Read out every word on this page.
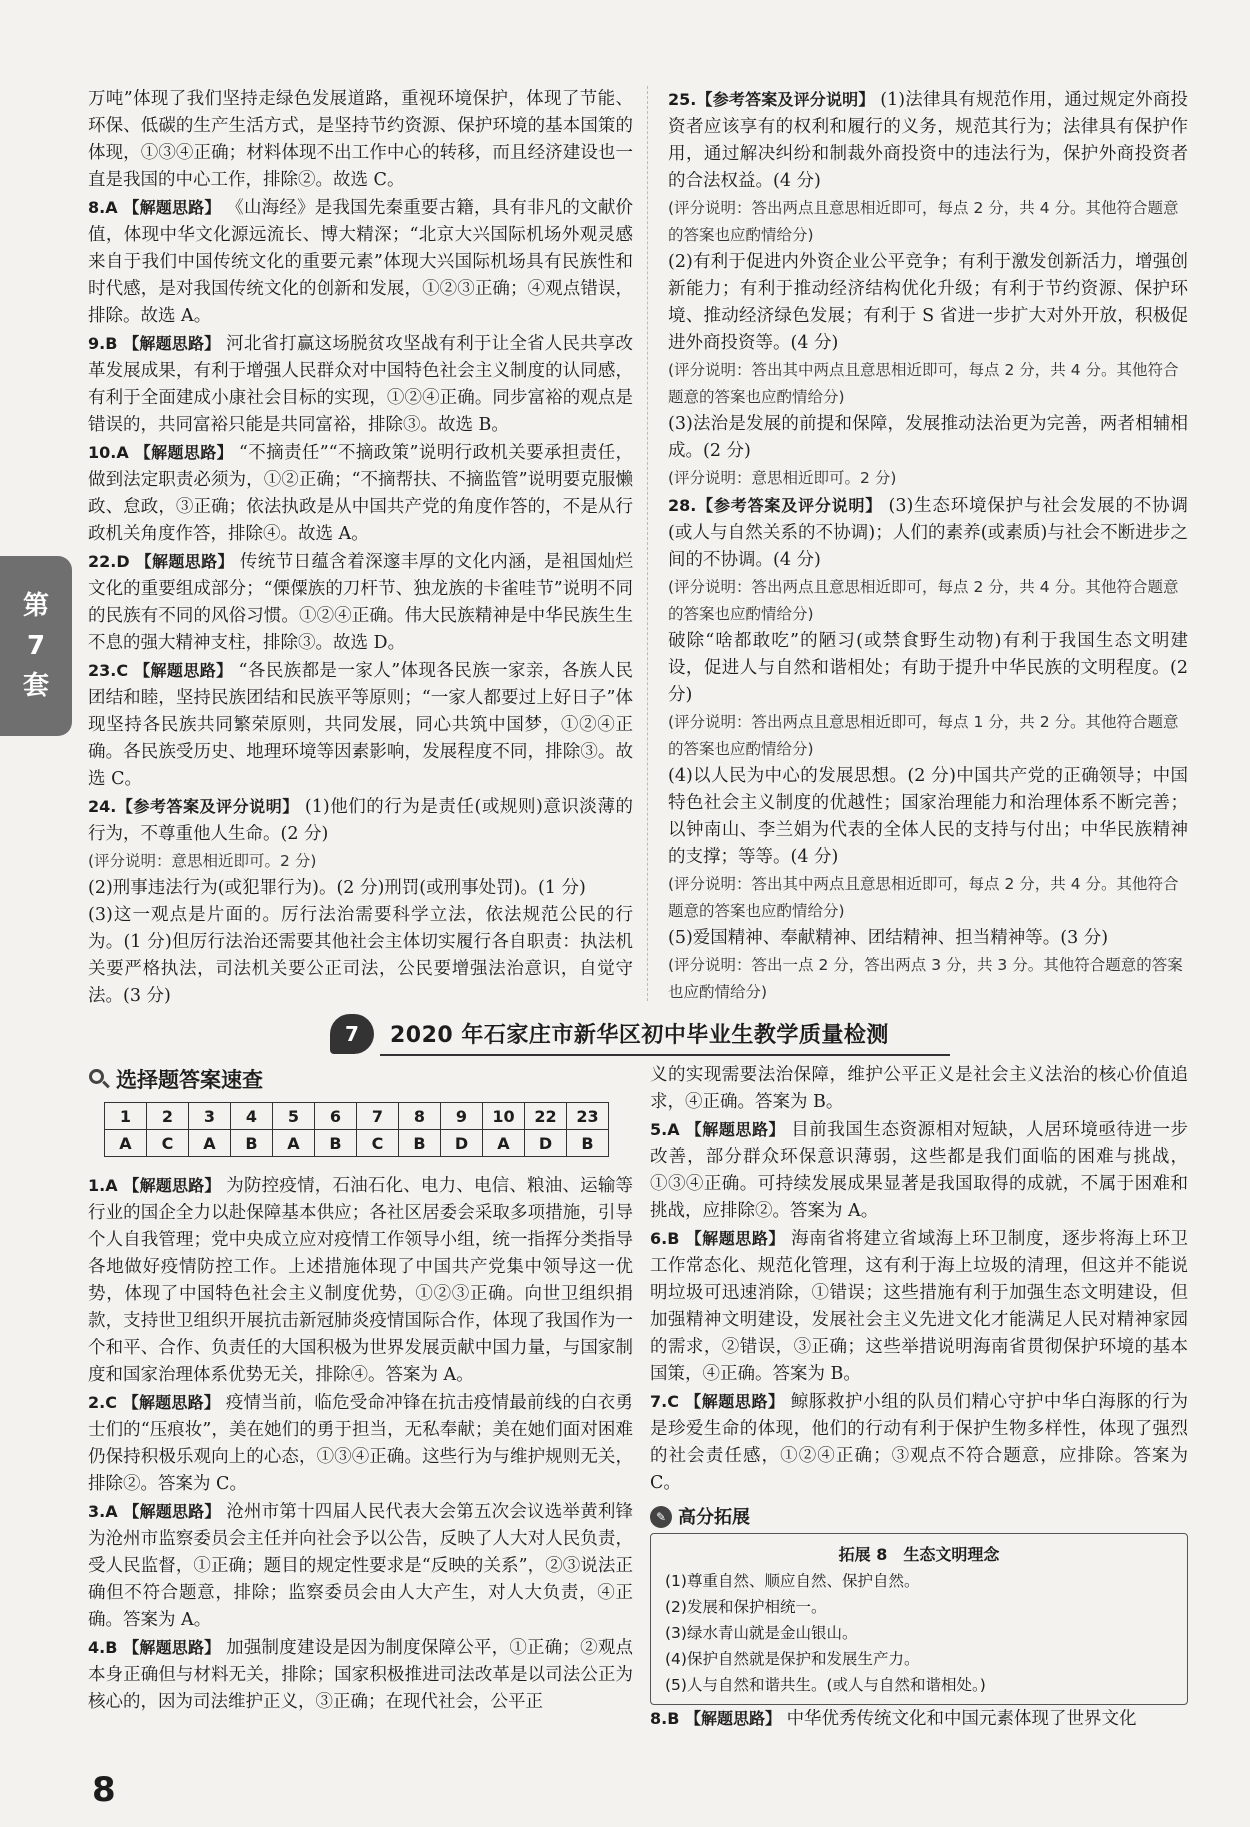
第
7
套
万吨”体现了我们坚持走绿色发展道路，重视环境保护，体现了节能、环保、低碳的生产生活方式，是坚持节约资源、保护环境的基本国策的体现，①③④正确；材料体现不出工作中心的转移，而且经济建设也一直是我国的中心工作，排除②。故选 C。
8.A 【解题思路】 《山海经》是我国先秦重要古籍，具有非凡的文献价值，体现中华文化源远流长、博大精深；“北京大兴国际机场外观灵感来自于我们中国传统文化的重要元素”体现大兴国际机场具有民族性和时代感，是对我国传统文化的创新和发展，①②③正确；④观点错误，排除。故选 A。
9.B 【解题思路】 河北省打赢这场脱贫攻坚战有利于让全省人民共享改革发展成果，有利于增强人民群众对中国特色社会主义制度的认同感，有利于全面建成小康社会目标的实现，①②④正确。同步富裕的观点是错误的，共同富裕只能是共同富裕，排除③。故选 B。
10.A 【解题思路】 “不摘责任”“不摘政策”说明行政机关要承担责任，做到法定职责必须为，①②正确；“不摘帮扶、不摘监管”说明要克服懒政、怠政，③正确；依法执政是从中国共产党的角度作答的，不是从行政机关角度作答，排除④。故选 A。
22.D 【解题思路】 传统节日蕴含着深邃丰厚的文化内涵，是祖国灿烂文化的重要组成部分；“傈僳族的刀杆节、独龙族的卡雀哇节”说明不同的民族有不同的风俗习惯。①②④正确。伟大民族精神是中华民族生生不息的强大精神支柱，排除③。故选 D。
23.C 【解题思路】 “各民族都是一家人”体现各民族一家亲，各族人民团结和睦，坚持民族团结和民族平等原则；“一家人都要过上好日子”体现坚持各民族共同繁荣原则，共同发展，同心共筑中国梦，①②④正确。各民族受历史、地理环境等因素影响，发展程度不同，排除③。故选 C。
24.【参考答案及评分说明】 (1)他们的行为是责任(或规则)意识淡薄的行为，不尊重他人生命。(2 分)
(评分说明：意思相近即可。2 分)
(2)刑事违法行为(或犯罪行为)。(2 分)刑罚(或刑事处罚)。(1 分)
(3)这一观点是片面的。厉行法治需要科学立法，依法规范公民的行为。(1 分)但厉行法治还需要其他社会主体切实履行各自职责：执法机关要严格执法，司法机关要公正司法，公民要增强法治意识，自觉守法。(3 分)
25.【参考答案及评分说明】 (1)法律具有规范作用，通过规定外商投资者应该享有的权利和履行的义务，规范其行为；法律具有保护作用，通过解决纠纷和制裁外商投资中的违法行为，保护外商投资者的合法权益。(4 分)
(评分说明：答出两点且意思相近即可，每点 2 分，共 4 分。其他符合题意的答案也应酌情给分)
(2)有利于促进内外资企业公平竞争；有利于激发创新活力，增强创新能力；有利于推动经济结构优化升级；有利于节约资源、保护环境、推动经济绿色发展；有利于 S 省进一步扩大对外开放，积极促进外商投资等。(4 分)
(评分说明：答出其中两点且意思相近即可，每点 2 分，共 4 分。其他符合题意的答案也应酌情给分)
(3)法治是发展的前提和保障，发展推动法治更为完善，两者相辅相成。(2 分)
(评分说明：意思相近即可。2 分)
28.【参考答案及评分说明】 (3)生态环境保护与社会发展的不协调(或人与自然关系的不协调)；人们的素养(或素质)与社会不断进步之间的不协调。(4 分)
(评分说明：答出两点且意思相近即可，每点 2 分，共 4 分。其他符合题意的答案也应酌情给分)
破除“啥都敢吃”的陋习(或禁食野生动物)有利于我国生态文明建设，促进人与自然和谐相处；有助于提升中华民族的文明程度。(2 分)
(评分说明：答出两点且意思相近即可，每点 1 分，共 2 分。其他符合题意的答案也应酌情给分)
(4)以人民为中心的发展思想。(2 分)中国共产党的正确领导；中国特色社会主义制度的优越性；国家治理能力和治理体系不断完善；以钟南山、李兰娟为代表的全体人民的支持与付出；中华民族精神的支撑；等等。(4 分)
(评分说明：答出其中两点且意思相近即可，每点 2 分，共 4 分。其他符合题意的答案也应酌情给分)
(5)爱国精神、奉献精神、团结精神、担当精神等。(3 分)
(评分说明：答出一点 2 分，答出两点 3 分，共 3 分。其他符合题意的答案也应酌情给分)
7	2020 年石家庄市新华区初中毕业生教学质量检测
选择题答案速查
1	2	3	4	5	6	7	8	9	10	22	23
A	C	A	B	A	B	C	B	D	A	D	B
1.A 【解题思路】 为防控疫情，石油石化、电力、电信、粮油、运输等行业的国企全力以赴保障基本供应；各社区居委会采取多项措施，引导个人自我管理；党中央成立应对疫情工作领导小组，统一指挥分类指导各地做好疫情防控工作。上述措施体现了中国共产党集中领导这一优势，体现了中国特色社会主义制度优势，①②③正确。向世卫组织捐款，支持世卫组织开展抗击新冠肺炎疫情国际合作，体现了我国作为一个和平、合作、负责任的大国积极为世界发展贡献中国力量，与国家制度和国家治理体系优势无关，排除④。答案为 A。
2.C 【解题思路】 疫情当前，临危受命冲锋在抗击疫情最前线的白衣勇士们的“压痕妆”，美在她们的勇于担当，无私奉献；美在她们面对困难仍保持积极乐观向上的心态，①③④正确。这些行为与维护规则无关，排除②。答案为 C。
3.A 【解题思路】 沧州市第十四届人民代表大会第五次会议选举黄利锋为沧州市监察委员会主任并向社会予以公告，反映了人大对人民负责，受人民监督，①正确；题目的规定性要求是“反映的关系”，②③说法正确但不符合题意，排除；监察委员会由人大产生，对人大负责，④正确。答案为 A。
4.B 【解题思路】 加强制度建设是因为制度保障公平，①正确；②观点本身正确但与材料无关，排除；国家积极推进司法改革是以司法公正为核心的，因为司法维护正义，③正确；在现代社会，公平正
义的实现需要法治保障，维护公平正义是社会主义法治的核心价值追求，④正确。答案为 B。
5.A 【解题思路】 目前我国生态资源相对短缺，人居环境亟待进一步改善，部分群众环保意识薄弱，这些都是我们面临的困难与挑战，①③④正确。可持续发展成果显著是我国取得的成就，不属于困难和挑战，应排除②。答案为 A。
6.B 【解题思路】 海南省将建立省域海上环卫制度，逐步将海上环卫工作常态化、规范化管理，这有利于海上垃圾的清理，但这并不能说明垃圾可迅速消除，①错误；这些措施有利于加强生态文明建设，但加强精神文明建设，发展社会主义先进文化才能满足人民对精神家园的需求，②错误，③正确；这些举措说明海南省贯彻保护环境的基本国策，④正确。答案为 B。
7.C 【解题思路】 鲸豚救护小组的队员们精心守护中华白海豚的行为是珍爱生命的体现，他们的行动有利于保护生物多样性，体现了强烈的社会责任感，①②④正确；③观点不符合题意，应排除。答案为 C。
✎ 高分拓展
拓展 8　生态文明理念
(1)尊重自然、顺应自然、保护自然。
(2)发展和保护相统一。
(3)绿水青山就是金山银山。
(4)保护自然就是保护和发展生产力。
(5)人与自然和谐共生。(或人与自然和谐相处。)
8.B 【解题思路】 中华优秀传统文化和中国元素体现了世界文化
8
